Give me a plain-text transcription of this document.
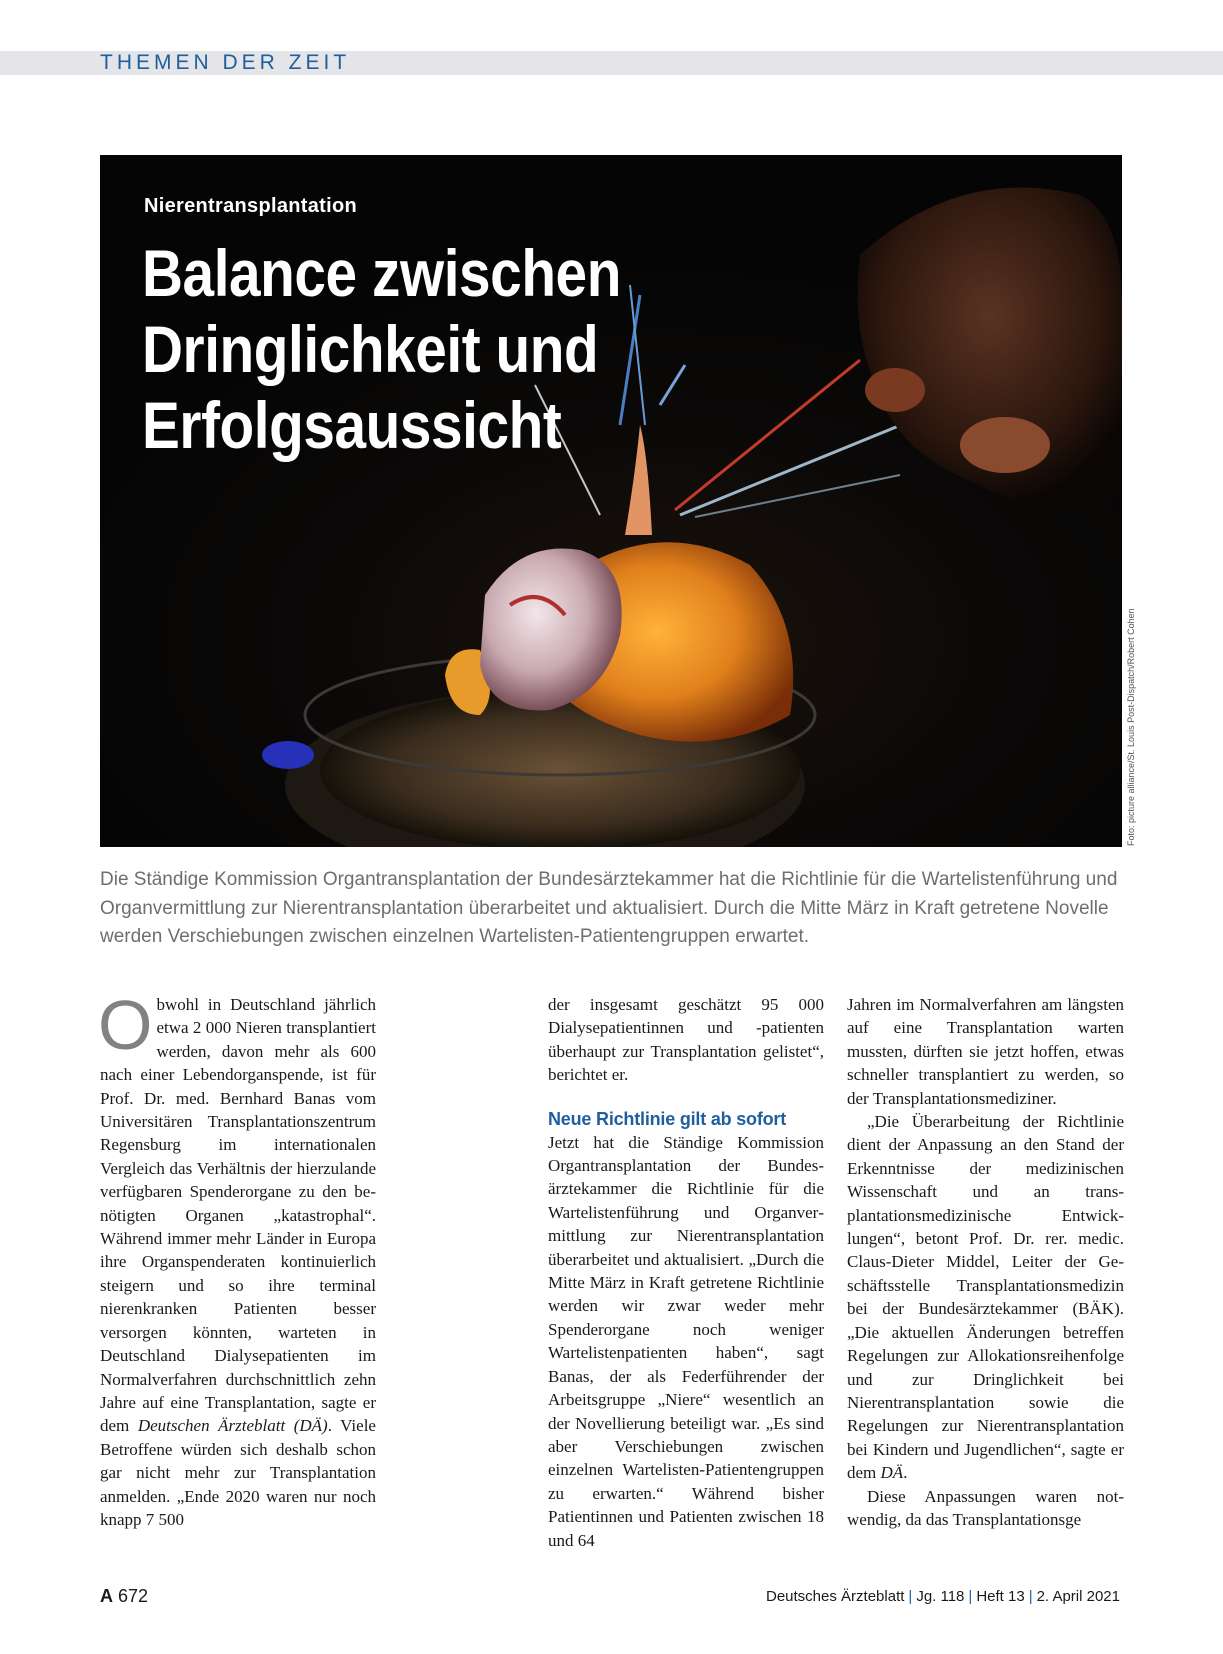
THEMEN DER ZEIT
Nierentransplantation
Balance zwischen
Dringlichkeit und
Erfolgsaussicht
Foto: picture alliance/St. Louis Post-Dispatch/Robert Cohen

Die Ständige Kommission Organtransplantation der Bundesärztekammer hat die Richtlinie für die Wartelistenführung und Organvermittlung zur Nierentransplantation überarbeitet und aktualisiert. Durch die Mitte März in Kraft getretene Novelle werden Verschiebungen zwischen einzelnen Wartelisten-Patientengruppen erwartet.

Obwohl in Deutschland jährlich etwa 2 000 Nieren transplantiert werden, davon mehr als 600 nach einer Lebendorganspende, ist für Prof. Dr. med. Bernhard Banas vom Universitären Transplantationszentrum Regensburg im internationalen Vergleich das Verhältnis der hierzulande verfügbaren Spenderorgane zu den benötigten Organen „katastrophal“. Während immer mehr Länder in Europa ihre Organspenderaten kontinuierlich steigern und so ihre terminal nierenkranken Patienten besser versorgen könnten, warteten in Deutschland Dialysepatienten im Normalverfahren durchschnittlich zehn Jahre auf eine Transplantation, sagte er dem Deutschen Ärzteblatt (DÄ). Viele Betroffene würden sich deshalb schon gar nicht mehr zur Transplantation anmelden. „Ende 2020 waren nur noch knapp 7 500

der insgesamt geschätzt 95 000 Dialysepatientinnen und -patienten überhaupt zur Transplantation gelistet“, berichtet er.

Neue Richtlinie gilt ab sofort

Jetzt hat die Ständige Kommission Organtransplantation der Bundesärztekammer die Richtlinie für die Wartelistenführung und Organvermittlung zur Nierentransplantation überarbeitet und aktualisiert. „Durch die Mitte März in Kraft getretene Richtlinie werden wir zwar weder mehr Spenderorgane noch weniger Wartelistenpatienten haben“, sagt Banas, der als Federführender der Arbeitsgruppe „Niere“ wesentlich an der Novellierung beteiligt war. „Es sind aber Verschiebungen zwischen einzelnen Wartelisten-Patientengruppen zu erwarten.“ Während bisher Patientinnen und Patienten zwischen 18 und 64

Jahren im Normalverfahren am längsten auf eine Transplantation warten mussten, dürften sie jetzt hoffen, etwas schneller transplantiert zu werden, so der Transplantationsmediziner.

„Die Überarbeitung der Richtlinie dient der Anpassung an den Stand der Erkenntnisse der medizinischen Wissenschaft und an transplantationsmedizinische Entwicklungen“, betont Prof. Dr. rer. medic. Claus-Dieter Middel, Leiter der Geschäftsstelle Transplantationsmedizin bei der Bundesärztekammer (BÄK). „Die aktuellen Änderungen betreffen Regelungen zur Allokationsreihenfolge und zur Dringlichkeit bei Nierentransplantation sowie die Regelungen zur Nierentransplantation bei Kindern und Jugendlichen“, sagte er dem DÄ.

Diese Anpassungen waren notwendig, da das Transplantationsge

A 672	Deutsches Ärzteblatt | Jg. 118 | Heft 13 | 2. April 2021
